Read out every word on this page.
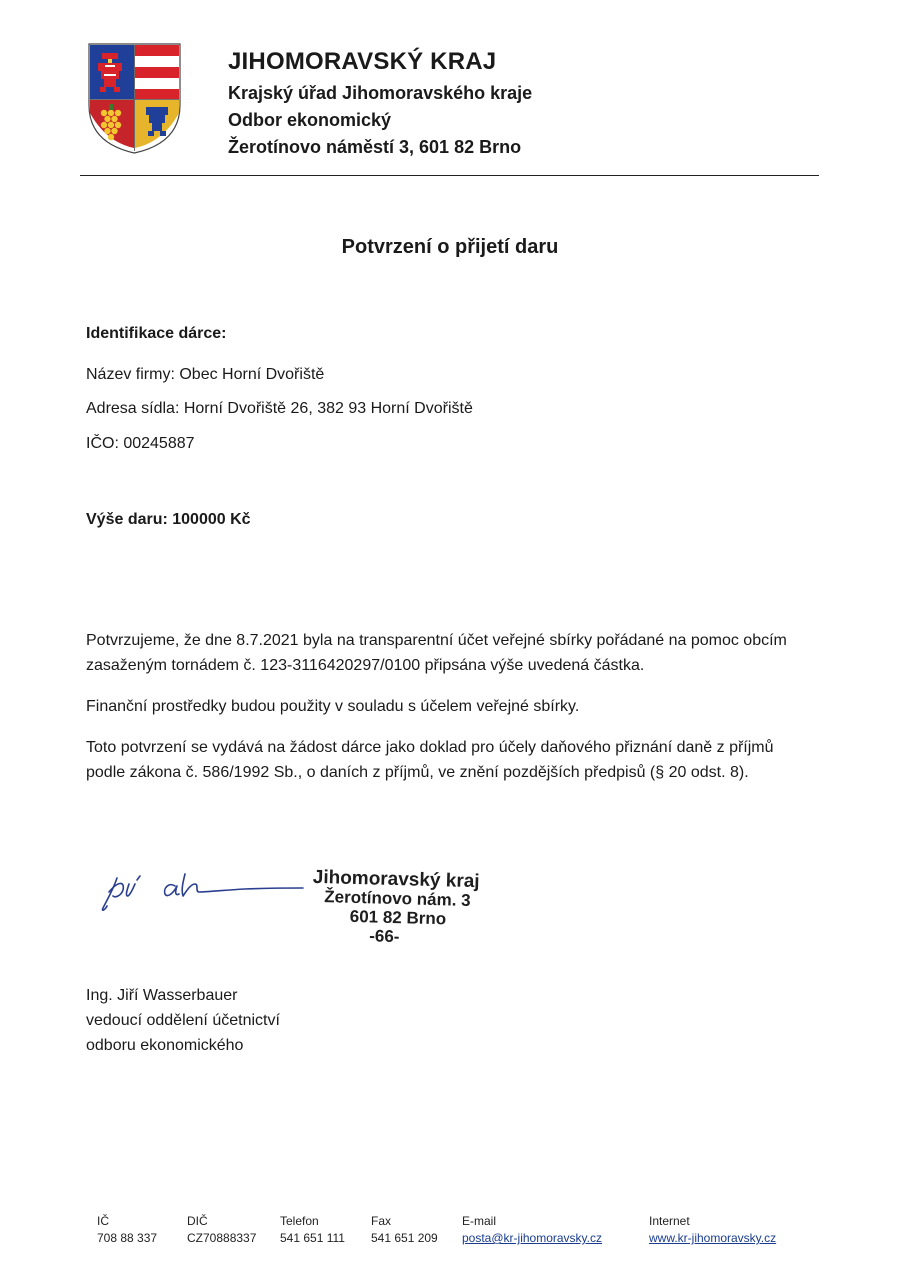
JIHOMORAVSKÝ KRAJ
Krajský úřad Jihomoravského kraje
Odbor ekonomický
Žerotínovo náměstí 3, 601 82 Brno
Potvrzení o přijetí daru
Identifikace dárce:
Název firmy: Obec Horní Dvořiště
Adresa sídla: Horní Dvořiště 26, 382 93 Horní Dvořiště
IČO: 00245887
Výše daru: 100000 Kč
Potvrzujeme, že dne 8.7.2021 byla na transparentní účet veřejné sbírky pořádané na pomoc obcím
zasaženým tornádem č. 123-3116420297/0100 připsána výše uvedená částka.
Finanční prostředky budou použity v souladu s účelem veřejné sbírky.
Toto potvrzení se vydává na žádost dárce jako doklad pro účely daňového přiznání daně z příjmů
podle zákona č. 586/1992 Sb., o daních z příjmů, ve znění pozdějších předpisů (§ 20 odst. 8).
Jihomoravský kraj
Žerotínovo nám. 3
601 82 Brno
-66-
Ing. Jiří Wasserbauer
vedoucí oddělení účetnictví
odboru ekonomického
IČ
708 88 337
DIČ
CZ70888337
Telefon
541 651 111
Fax
541 651 209
E-mail
posta@kr-jihomoravsky.cz
Internet
www.kr-jihomoravsky.cz
